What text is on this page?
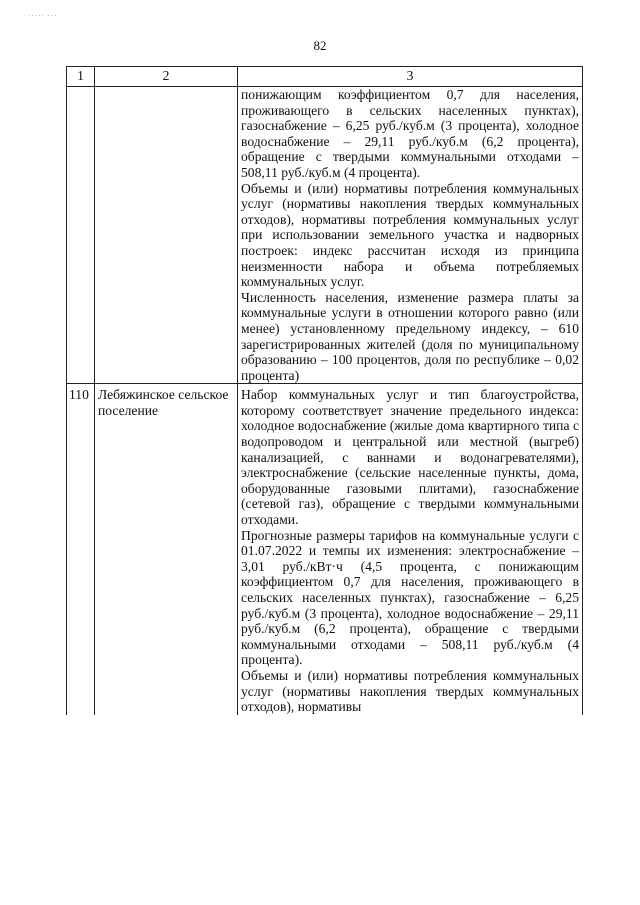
····· ···
82
1	2	3

		понижающим коэффициентом 0,7 для населения, проживающего в сельских населенных пунктах), газоснабжение – 6,25 руб./куб.м (3 процента), холодное водоснабжение – 29,11 руб./куб.м (6,2 процента), обращение с твердыми коммунальными отходами – 508,11 руб./куб.м (4 процента).

Объемы и (или) нормативы потребления коммунальных услуг (нормативы накопления твердых коммунальных отходов), нормативы потребления коммунальных услуг при использовании земельного участка и надворных построек: индекс рассчитан исходя из принципа неизменности набора и объема потребляемых коммунальных услуг.

Численность населения, изменение размера платы за коммунальные услуги в отношении которого равно (или менее) установленному предельному индексу, – 610 зарегистрированных жителей (доля по муниципальному образованию – 100 процентов, доля по республике – 0,02 процента)

110	Лебяжинское сельское поселение	Набор коммунальных услуг и тип благоустройства, которому соответствует значение предельного индекса: холодное водоснабжение (жилые дома квартирного типа с водопроводом и центральной или местной (выгреб) канализацией, с ваннами и водонагревателями), электроснабжение (сельские населенные пункты, дома, оборудованные газовыми плитами), газоснабжение (сетевой газ), обращение с твердыми коммунальными отходами.

Прогнозные размеры тарифов на коммунальные услуги с 01.07.2022 и темпы их изменения: электроснабжение – 3,01 руб./кВт·ч (4,5 процента, с понижающим коэффициентом 0,7 для населения, проживающего в сельских населенных пунктах), газоснабжение – 6,25 руб./куб.м (3 процента), холодное водоснабжение – 29,11 руб./куб.м (6,2 процента), обращение с твердыми коммунальными отходами – 508,11 руб./куб.м (4 процента).

Объемы и (или) нормативы потребления коммунальных услуг (нормативы накопления твердых коммунальных отходов), нормативы
